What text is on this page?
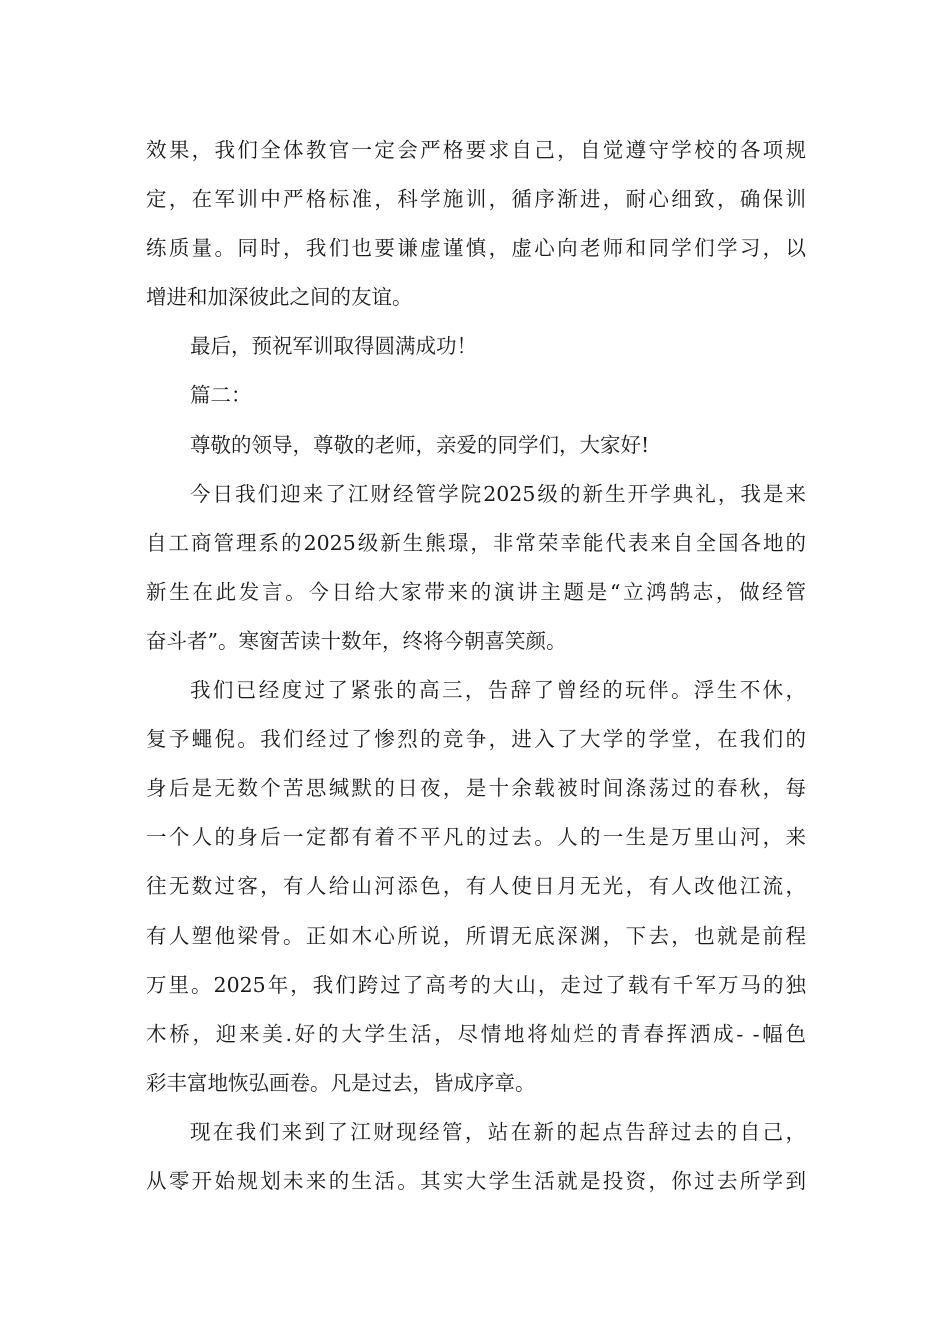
效果，我们全体教官一定会严格要求自己，自觉遵守学校的各项规
定，在军训中严格标准，科学施训，循序渐进，耐心细致，确保训
练质量。同时，我们也要谦虚谨慎，虚心向老师和同学们学习，以
增进和加深彼此之间的友谊。
最后，预祝军训取得圆满成功！
篇二：
尊敬的领导，尊敬的老师，亲爱的同学们，大家好!
今日我们迎来了江财经管学院2025级的新生开学典礼，我是来
自工商管理系的2025级新生熊璟，非常荣幸能代表来自全国各地的
新生在此发言。今日给大家带来的演讲主题是“立鸿鹄志，做经管
奋斗者”。寒窗苦读十数年，终将今朝喜笑颜。
我们已经度过了紧张的高三，告辞了曾经的玩伴。浮生不休，
复予蠅倪。我们经过了惨烈的竞争，进入了大学的学堂，在我们的
身后是无数个苦思缄默的日夜，是十余载被时间涤荡过的春秋，每
一个人的身后一定都有着不平凡的过去。人的一生是万里山河，来
往无数过客，有人给山河添色，有人使日月无光，有人改他江流，
有人塑他梁骨。正如木心所说，所谓无底深渊，下去，也就是前程
万里。2025年，我们跨过了高考的大山，走过了载有千军万马的独
木桥，迎来美.好的大学生活，尽情地将灿烂的青春挥洒成- -幅色
彩丰富地恢弘画卷。凡是过去，皆成序章。
现在我们来到了江财现经管，站在新的起点告辞过去的自己，
从零开始规划未来的生活。其实大学生活就是投资，你过去所学到
